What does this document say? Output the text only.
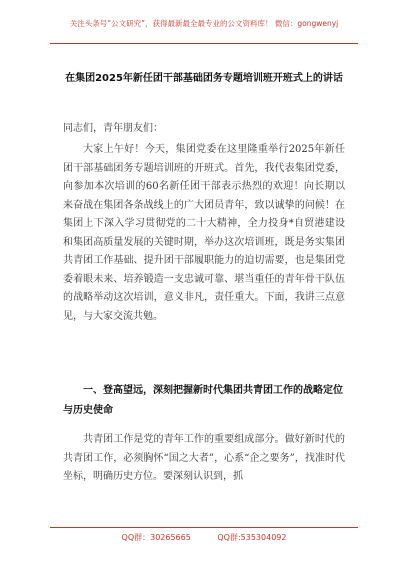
关注头条号“公文研究”，获得最新最全最专业的公文资料库！ 微信：gongwenyj
在集团2025年新任团干部基础团务专题培训班开班式上的讲话
同志们，青年朋友们：

大家上午好！今天，集团党委在这里隆重举行2025年新任团干部基础团务专题培训班的开班式。首先，我代表集团党委，向参加本次培训的60名新任团干部表示热烈的欢迎！向长期以来奋战在集团各条战线上的广大团员青年，致以诚挚的问候！在集团上下深入学习贯彻党的二十大精神，全力投身*自贸港建设和集团高质量发展的关键时期，举办这次培训班，既是务实集团共青团工作基础、提升团干部履职能力的迫切需要，也是集团党委着眼未来、培养锻造一支忠诚可靠、堪当重任的青年骨干队伍的战略举动这次培训，意义非凡，责任重大。下面，我讲三点意见，与大家交流共勉。

一、登高望远，深刻把握新时代集团共青团工作的战略定位与历史使命

共青团工作是党的青年工作的重要组成部分。做好新时代的共青团工作，必须胸怀“国之大者”，心系“企之要务”，找准时代坐标，明确历史方位。要深刻认识到，抓

QQ群：30265665	QQ群:535304092
